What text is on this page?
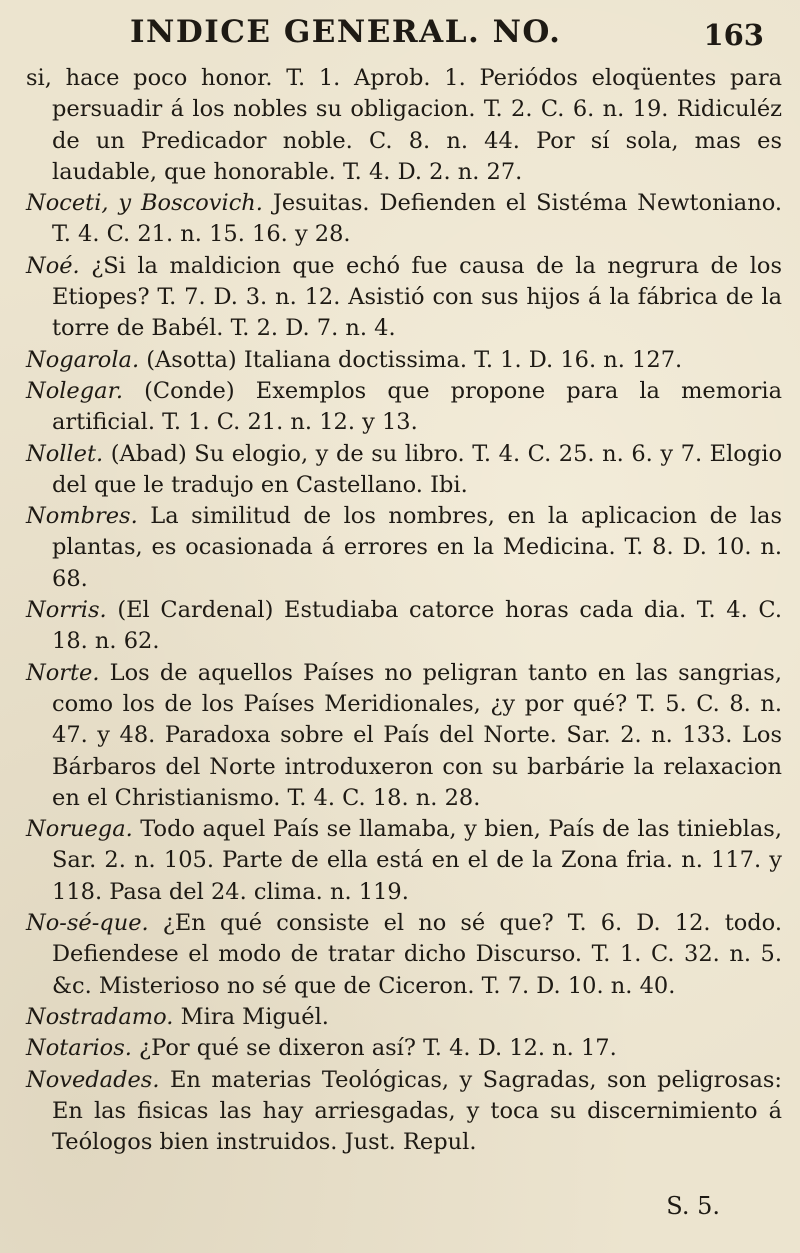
INDICE GENERAL. NO.	163

si, hace poco honor. T. 1. Aprob. 1. Periódos eloqüentes para persuadir á los nobles su obligacion. T. 2. C. 6. n. 19. Ridiculéz de un Predicador noble. C. 8. n. 44. Por sí sola, mas es laudable, que honorable. T. 4. D. 2. n. 27.

Noceti, y Boscovich. Jesuitas. Defienden el Sistéma Newtoniano. T. 4. C. 21. n. 15. 16. y 28.

Noé. ¿Si la maldicion que echó fue causa de la negrura de los Etiopes? T. 7. D. 3. n. 12. Asistió con sus hijos á la fábrica de la torre de Babél. T. 2. D. 7. n. 4.

Nogarola. (Asotta) Italiana doctissima. T. 1. D. 16. n. 127.

Nolegar. (Conde) Exemplos que propone para la memoria artificial. T. 1. C. 21. n. 12. y 13.

Nollet. (Abad) Su elogio, y de su libro. T. 4. C. 25. n. 6. y 7. Elogio del que le tradujo en Castellano. Ibi.

Nombres. La similitud de los nombres, en la aplicacion de las plantas, es ocasionada á errores en la Medicina. T. 8. D. 10. n. 68.

Norris. (El Cardenal) Estudiaba catorce horas cada dia. T. 4. C. 18. n. 62.

Norte. Los de aquellos Países no peligran tanto en las sangrias, como los de los Países Meridionales, ¿y por qué? T. 5. C. 8. n. 47. y 48. Paradoxa sobre el País del Norte. Sar. 2. n. 133. Los Bárbaros del Norte introduxeron con su barbárie la relaxacion en el Christianismo. T. 4. C. 18. n. 28.

Noruega. Todo aquel País se llamaba, y bien, País de las tinieblas, Sar. 2. n. 105. Parte de ella está en el de la Zona fria. n. 117. y 118. Pasa del 24. clima. n. 119.

No-sé-que. ¿En qué consiste el no sé que? T. 6. D. 12. todo. Defiendese el modo de tratar dicho Discurso. T. 1. C. 32. n. 5. &c. Misterioso no sé que de Ciceron. T. 7. D. 10. n. 40.

Nostradamo. Mira Miguél.

Notarios. ¿Por qué se dixeron así? T. 4. D. 12. n. 17.

Novedades. En materias Teológicas, y Sagradas, son peligrosas: En las fisicas las hay arriesgadas, y toca su discernimiento á Teólogos bien instruidos. Just. Repul.

S. 5.
